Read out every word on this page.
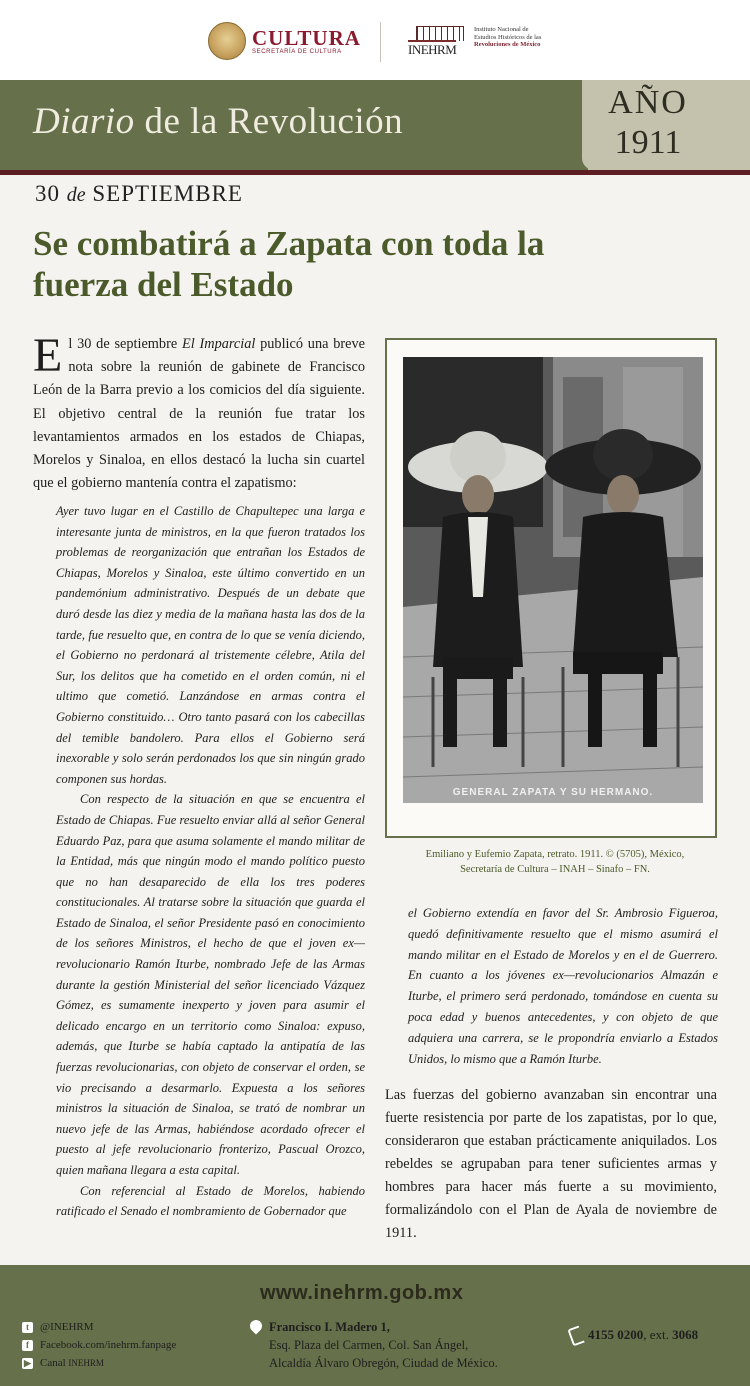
CULTURA
SECRETARÍA DE CULTURA	INEHRM
Instituto Nacional de
Estudios Históricos de las
Revoluciones de México
Diario de la Revolución	AÑO
1911
30 de SEPTIEMBRE
Se combatirá a Zapata con toda la fuerza del Estado
El 30 de septiembre El Imparcial publicó una breve nota sobre la reunión de gabinete de Francisco León de la Barra previo a los comicios del día siguiente. El objetivo central de la reunión fue tratar los levantamientos armados en los estados de Chiapas, Morelos y Sinaloa, en ellos destacó la lucha sin cuartel que el gobierno mantenía contra el zapatismo:

Ayer tuvo lugar en el Castillo de Chapultepec una larga e interesante junta de ministros, en la que fueron tratados los problemas de reorganización que entrañan los Estados de Chiapas, Morelos y Sinaloa, este último convertido en un pandemónium administrativo. Después de un debate que duró desde las diez y media de la mañana hasta las dos de la tarde, fue resuelto que, en contra de lo que se venía diciendo, el Gobierno no perdonará al tristemente célebre, Atila del Sur, los delitos que ha cometido en el orden común, ni el ultimo que cometió. Lanzándose en armas contra el Gobierno constituido… Otro tanto pasará con los cabecillas del temible bandolero. Para ellos el Gobierno será inexorable y solo serán perdonados los que sin ningún grado componen sus hordas.

Con respecto de la situación en que se encuentra el Estado de Chiapas. Fue resuelto enviar allá al señor General Eduardo Paz, para que asuma solamente el mando militar de la Entidad, más que ningún modo el mando político puesto que no han desaparecido de ella los tres poderes constitucionales. Al tratarse sobre la situación que guarda el Estado de Sinaloa, el señor Presidente pasó en conocimiento de los señores Ministros, el hecho de que el joven ex—revolucionario Ramón Iturbe, nombrado Jefe de las Armas durante la gestión Ministerial del señor licenciado Vázquez Gómez, es sumamente inexperto y joven para asumir el delicado encargo en un territorio como Sinaloa: expuso, además, que Iturbe se había captado la antipatía de las fuerzas revolucionarias, con objeto de conservar el orden, se vio precisando a desarmarlo. Expuesta a los señores ministros la situación de Sinaloa, se trató de nombrar un nuevo jefe de las Armas, habiéndose acordado ofrecer el puesto al jefe revolucionario fronterizo, Pascual Orozco, quien mañana llegara a esta capital.

Con referencial al Estado de Morelos, habiendo ratificado el Senado el nombramiento de Gobernador que

GENERAL ZAPATA Y SU HERMANO.
Emiliano y Eufemio Zapata, retrato. 1911. © (5705), México,
Secretaría de Cultura – INAH – Sinafo – FN.
el Gobierno extendía en favor del Sr. Ambrosio Figueroa, quedó definitivamente resuelto que el mismo asumirá el mando militar en el Estado de Morelos y en el de Guerrero. En cuanto a los jóvenes ex—revolucionarios Almazán e Iturbe, el primero será perdonado, tomándose en cuenta su poca edad y buenos antecedentes, y con objeto de que adquiera una carrera, se le propondría enviarlo a Estados Unidos, lo mismo que a Ramón Iturbe.
Las fuerzas del gobierno avanzaban sin encontrar una fuerte resistencia por parte de los zapatistas, por lo que, consideraron que estaban prácticamente aniquilados. Los rebeldes se agrupaban para tener suficientes armas y hombres para hacer más fuerte a su movimiento, formalizándolo con el Plan de Ayala de noviembre de 1911.
www.inehrm.gob.mx
t	@INEHRM
f	Facebook.com/inehrm.fanpage
▶ Canal
INEHRM
Francisco I. Madero 1,
Esq. Plaza del Carmen, Col. San Ángel,
Alcaldía Álvaro Obregón, Ciudad de México.
4155 0200, ext. 3068
